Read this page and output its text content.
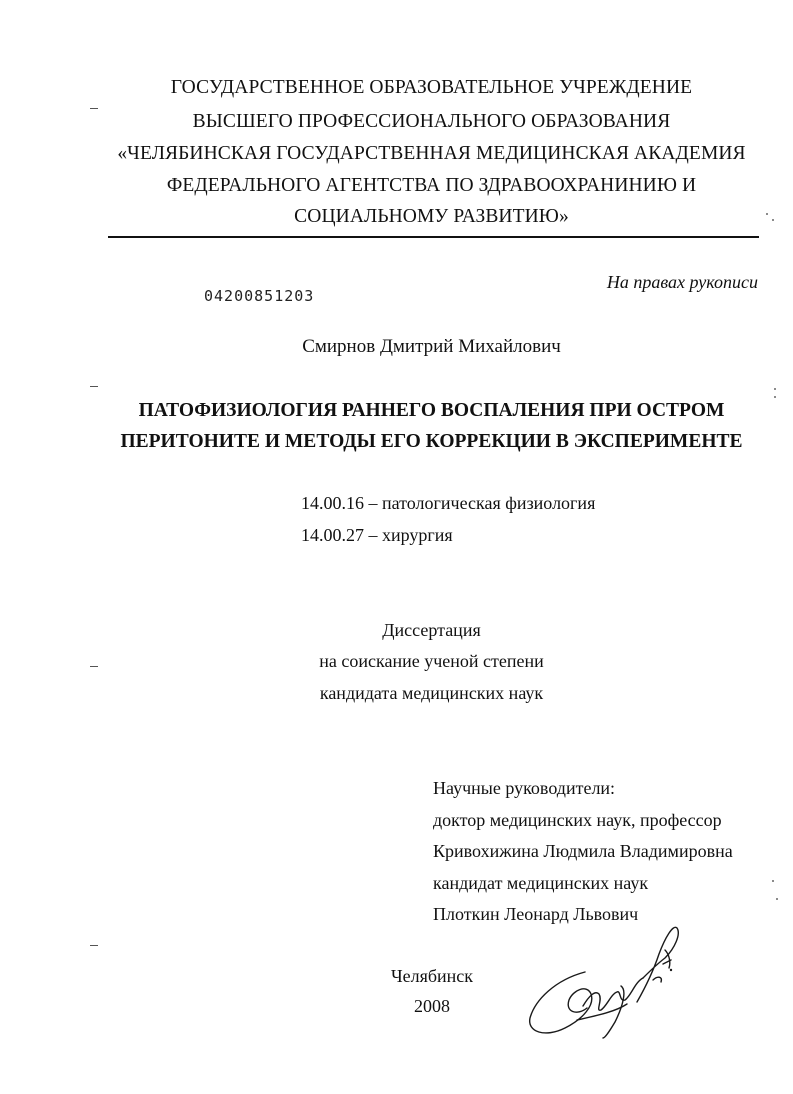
ГОСУДАРСТВЕННОЕ ОБРАЗОВАТЕЛЬНОЕ УЧРЕЖДЕНИЕ
ВЫСШЕГО ПРОФЕССИОНАЛЬНОГО ОБРАЗОВАНИЯ
«ЧЕЛЯБИНСКАЯ ГОСУДАРСТВЕННАЯ МЕДИЦИНСКАЯ АКАДЕМИЯ
ФЕДЕРАЛЬНОГО АГЕНТСТВА ПО ЗДРАВООХРАНИНИЮ И
СОЦИАЛЬНОМУ РАЗВИТИЮ»
04200851203
На правах рукописи
Смирнов Дмитрий Михайлович
ПАТОФИЗИОЛОГИЯ РАННЕГО ВОСПАЛЕНИЯ ПРИ ОСТРОМ
ПЕРИТОНИТЕ И МЕТОДЫ ЕГО КОРРЕКЦИИ В ЭКСПЕРИМЕНТЕ
14.00.16 – патологическая физиология
14.00.27 – хирургия
Диссертация
на соискание ученой степени
кандидата медицинских наук
Научные руководители:
доктор медицинских наук, профессор
Кривохижина Людмила Владимировна
кандидат медицинских наук
Плоткин Леонард Львович
Челябинск
2008
